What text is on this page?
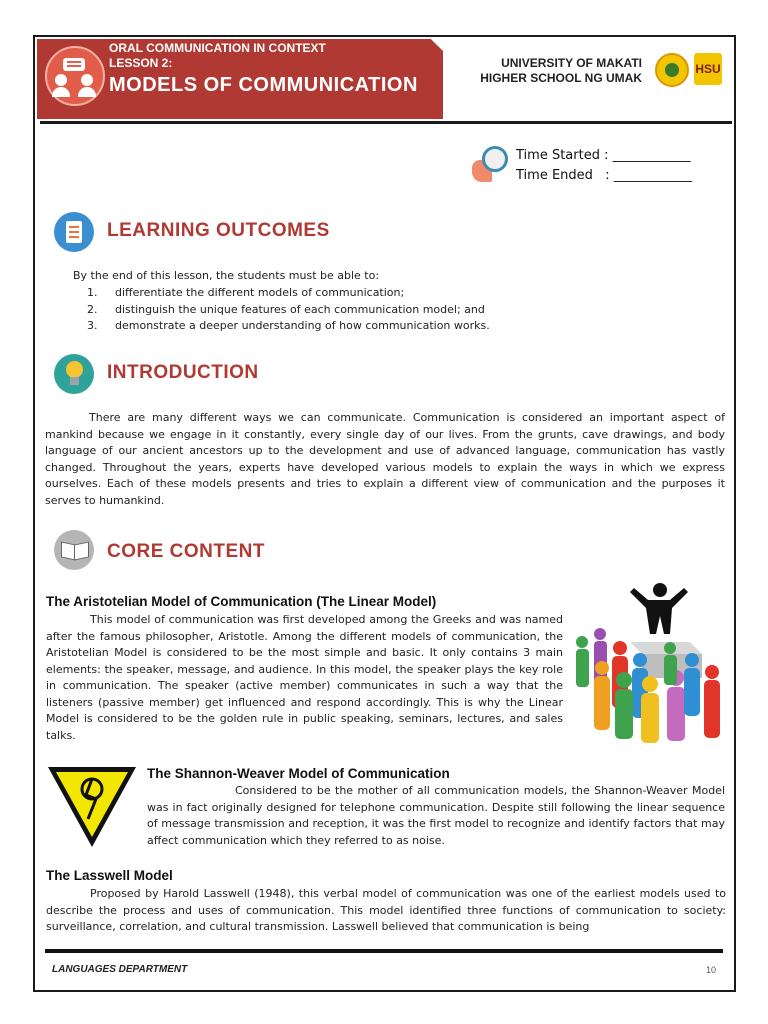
ORAL COMMUNICATION IN CONTEXT
LESSON 2:
MODELS OF COMMUNICATION
UNIVERSITY OF MAKATI
HIGHER SCHOOL NG UMAK
HSU
Time Started : ____________
Time Ended   : ____________
LEARNING OUTCOMES
By the end of this lesson, the students must be able to:
1. differentiate the different models of communication;
2. distinguish the unique features of each communication model; and
3. demonstrate a deeper understanding of how communication works.
INTRODUCTION
There are many different ways we can communicate. Communication is considered an important aspect of mankind because we engage in it constantly, every single day of our lives. From the grunts, cave drawings, and body language of our ancient ancestors up to the development and use of advanced language, communication has vastly changed. Throughout the years, experts have developed various models to explain the ways in which we express ourselves. Each of these models presents and tries to explain a different view of communication and the purposes it serves to humankind.
CORE CONTENT
The Aristotelian Model of Communication (The Linear Model)
This model of communication was first developed among the Greeks and was named after the famous philosopher, Aristotle. Among the different models of communication, the Aristotelian Model is considered to be the most simple and basic. It only contains 3 main elements: the speaker, message, and audience. In this model, the speaker plays the key role in communication. The speaker (active member) communicates in such a way that the listeners (passive member) get influenced and respond accordingly. This is why the Linear Model is considered to be the golden rule in public speaking, seminars, lectures, and sales talks.
The Shannon-Weaver Model of Communication
Considered to be the mother of all communication models, the Shannon-Weaver Model was in fact originally designed for telephone communication. Despite still following the linear sequence of message transmission and reception, it was the first model to recognize and identify factors that may affect communication which they referred to as noise.
The Lasswell Model
Proposed by Harold Lasswell (1948), this verbal model of communication was one of the earliest models used to describe the process and uses of communication. This model identified three functions of communication to society: surveillance, correlation, and cultural transmission. Lasswell believed that communication is being
LANGUAGES DEPARTMENT	10
